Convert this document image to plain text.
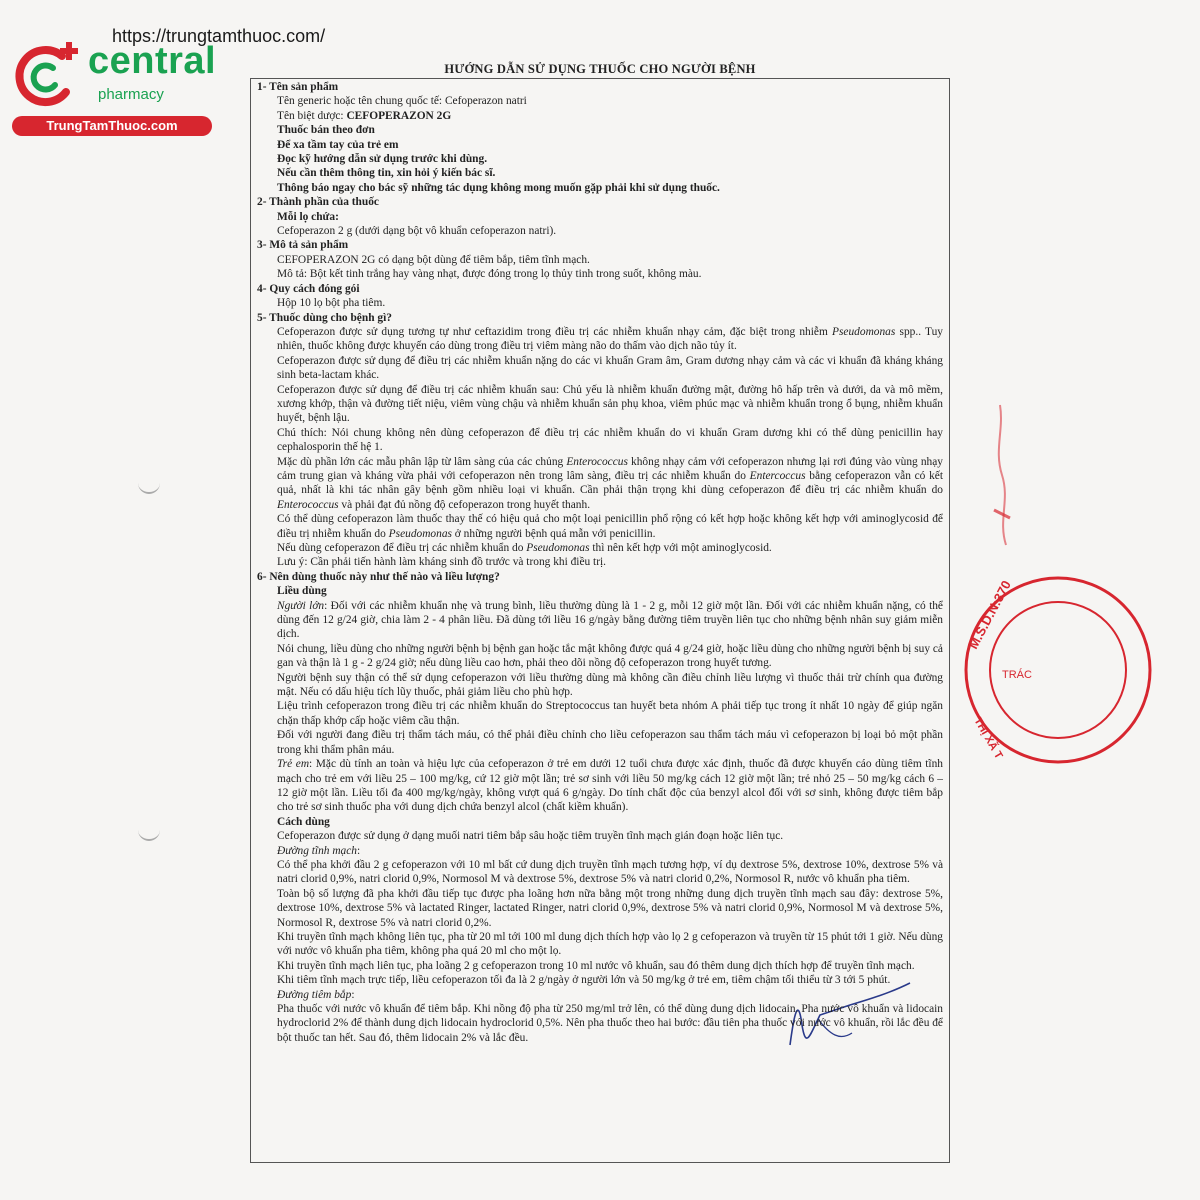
https://trungtamthuoc.com/
central
pharmacy
TrungTamThuoc.com
M.S.D.N:370
TRÁC
THỊ XÃ T
HƯỚNG DẪN SỬ DỤNG THUỐC CHO NGƯỜI BỆNH
1- Tên sản phẩm
Tên generic hoặc tên chung quốc tế: Cefoperazon natri
Tên biệt dược: CEFOPERAZON 2G
Thuốc bán theo đơn
Để xa tầm tay của trẻ em
Đọc kỹ hướng dẫn sử dụng trước khi dùng.
Nếu cần thêm thông tin, xin hỏi ý kiến bác sĩ.
Thông báo ngay cho bác sỹ những tác dụng không mong muốn gặp phải khi sử dụng thuốc.
2- Thành phần của thuốc
Mỗi lọ chứa:
Cefoperazon 2 g (dưới dạng bột vô khuẩn cefoperazon natri).
3- Mô tả sản phẩm
CEFOPERAZON 2G có dạng bột dùng để tiêm bắp, tiêm tĩnh mạch.
Mô tả: Bột kết tinh trắng hay vàng nhạt, được đóng trong lọ thủy tinh trong suốt, không màu.
4- Quy cách đóng gói
Hộp 10 lọ bột pha tiêm.
5- Thuốc dùng cho bệnh gì?
Cefoperazon được sử dụng tương tự như ceftazidim trong điều trị các nhiễm khuẩn nhạy cảm, đặc biệt trong nhiễm Pseudomonas spp.. Tuy nhiên, thuốc không được khuyến cáo dùng trong điều trị viêm màng não do thấm vào dịch não tủy ít.
Cefoperazon được sử dụng để điều trị các nhiễm khuẩn nặng do các vi khuẩn Gram âm, Gram dương nhạy cảm và các vi khuẩn đã kháng kháng sinh beta-lactam khác.
Cefoperazon được sử dụng để điều trị các nhiễm khuẩn sau: Chủ yếu là nhiễm khuẩn đường mật, đường hô hấp trên và dưới, da và mô mềm, xương khớp, thận và đường tiết niệu, viêm vùng chậu và nhiễm khuẩn sản phụ khoa, viêm phúc mạc và nhiễm khuẩn trong ổ bụng, nhiễm khuẩn huyết, bệnh lậu.
Chú thích: Nói chung không nên dùng cefoperazon để điều trị các nhiễm khuẩn do vi khuẩn Gram dương khi có thể dùng penicillin hay cephalosporin thế hệ 1.
Mặc dù phần lớn các mẫu phân lập từ lâm sàng của các chủng Enterococcus không nhạy cảm với cefoperazon nhưng lại rơi đúng vào vùng nhạy cảm trung gian và kháng vừa phải với cefoperazon nên trong lâm sàng, điều trị các nhiễm khuẩn do Entercoccus bằng cefoperazon vẫn có kết quả, nhất là khi tác nhân gây bệnh gồm nhiều loại vi khuẩn. Cần phải thận trọng khi dùng cefoperazon để điều trị các nhiễm khuẩn do Enterococcus và phải đạt đủ nồng độ cefoperazon trong huyết thanh.
Có thể dùng cefoperazon làm thuốc thay thế có hiệu quả cho một loại penicillin phổ rộng có kết hợp hoặc không kết hợp với aminoglycosid để điều trị nhiễm khuẩn do Pseudomonas ở những người bệnh quá mẫn với penicillin.
Nếu dùng cefoperazon để điều trị các nhiễm khuẩn do Pseudomonas thì nên kết hợp với một aminoglycosid.
Lưu ý: Cần phải tiến hành làm kháng sinh đồ trước và trong khi điều trị.
6- Nên dùng thuốc này như thế nào và liều lượng?
Liều dùng
Người lớn: Đối với các nhiễm khuẩn nhẹ và trung bình, liều thường dùng là 1 - 2 g, mỗi 12 giờ một lần. Đối với các nhiễm khuẩn nặng, có thể dùng đến 12 g/24 giờ, chia làm 2 - 4 phân liều. Đã dùng tới liều 16 g/ngày bằng đường tiêm truyền liên tục cho những bệnh nhân suy giảm miễn dịch.
Nói chung, liều dùng cho những người bệnh bị bệnh gan hoặc tắc mật không được quá 4 g/24 giờ, hoặc liều dùng cho những người bệnh bị suy cả gan và thận là 1 g - 2 g/24 giờ; nếu dùng liều cao hơn, phải theo dõi nồng độ cefoperazon trong huyết tương.
Người bệnh suy thận có thể sử dụng cefoperazon với liều thường dùng mà không cần điều chỉnh liều lượng vì thuốc thải trừ chính qua đường mật. Nếu có dấu hiệu tích lũy thuốc, phải giảm liều cho phù hợp.
Liệu trình cefoperazon trong điều trị các nhiễm khuẩn do Streptococcus tan huyết beta nhóm A phải tiếp tục trong ít nhất 10 ngày để giúp ngăn chặn thấp khớp cấp hoặc viêm cầu thận.
Đối với người đang điều trị thẩm tách máu, có thể phải điều chỉnh cho liều cefoperazon sau thẩm tách máu vì cefoperazon bị loại bỏ một phần trong khi thẩm phân máu.
Trẻ em: Mặc dù tính an toàn và hiệu lực của cefoperazon ở trẻ em dưới 12 tuổi chưa được xác định, thuốc đã được khuyến cáo dùng tiêm tĩnh mạch cho trẻ em với liều 25 – 100 mg/kg, cứ 12 giờ một lần; trẻ sơ sinh với liều 50 mg/kg cách 12 giờ một lần; trẻ nhỏ 25 – 50 mg/kg cách 6 – 12 giờ một lần. Liều tối đa 400 mg/kg/ngày, không vượt quá 6 g/ngày. Do tính chất độc của benzyl alcol đối với sơ sinh, không được tiêm bắp cho trẻ sơ sinh thuốc pha với dung dịch chứa benzyl alcol (chất kiềm khuẩn).
Cách dùng
Cefoperazon được sử dụng ở dạng muối natri tiêm bắp sâu hoặc tiêm truyền tĩnh mạch gián đoạn hoặc liên tục.
Đường tĩnh mạch:
Có thể pha khởi đầu 2 g cefoperazon với 10 ml bất cứ dung dịch truyền tĩnh mạch tương hợp, ví dụ dextrose 5%, dextrose 10%, dextrose 5% và natri clorid 0,9%, natri clorid 0,9%, Normosol M và dextrose 5%, dextrose 5% và natri clorid 0,2%, Normosol R, nước vô khuẩn pha tiêm.
Toàn bộ số lượng đã pha khởi đầu tiếp tục được pha loãng hơn nữa bằng một trong những dung dịch truyền tĩnh mạch sau đây: dextrose 5%, dextrose 10%, dextrose 5% và lactated Ringer, lactated Ringer, natri clorid 0,9%, dextrose 5% và natri clorid 0,9%, Normosol M và dextrose 5%, Normosol R, dextrose 5% và natri clorid 0,2%.
Khi truyền tĩnh mạch không liên tục, pha từ 20 ml tới 100 ml dung dịch thích hợp vào lọ 2 g cefoperazon và truyền từ 15 phút tới 1 giờ. Nếu dùng với nước vô khuẩn pha tiêm, không pha quá 20 ml cho một lọ.
Khi truyền tĩnh mạch liên tục, pha loãng 2 g cefoperazon trong 10 ml nước vô khuẩn, sau đó thêm dung dịch thích hợp để truyền tĩnh mạch.
Khi tiêm tĩnh mạch trực tiếp, liều cefoperazon tối đa là 2 g/ngày ở người lớn và 50 mg/kg ở trẻ em, tiêm chậm tối thiểu từ 3 tới 5 phút.
Đường tiêm bắp:
Pha thuốc với nước vô khuẩn để tiêm bắp. Khi nồng độ pha từ 250 mg/ml trở lên, có thể dùng dung dịch lidocain. Pha nước vô khuẩn và lidocain hydroclorid 2% để thành dung dịch lidocain hydroclorid 0,5%. Nên pha thuốc theo hai bước: đầu tiên pha thuốc với nước vô khuẩn, rồi lắc đều để bột thuốc tan hết. Sau đó, thêm lidocain 2% và lắc đều.
